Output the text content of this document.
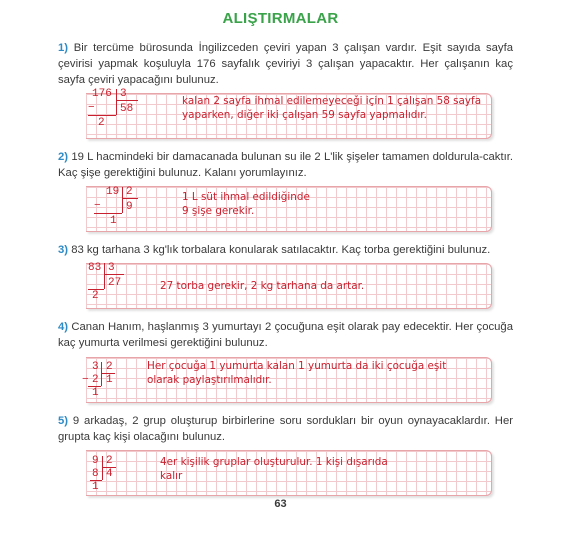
ALIŞTIRMALAR
1) Bir tercüme bürosunda İngilizceden çeviri yapan 3 çalışan vardır. Eşit sayıda sayfa çevirisi yapmak koşuluyla 176 sayfalık çeviriyi 3 çalışan yapacaktır. Her çalışanın kaç sayfa çeviri yapacağını bulunuz.
176 3
58
−
2
kalan 2 sayfa ihmal edilemeyeceği için 1 çalışan 58 sayfa
yaparken, diğer iki çalışan 59 sayfa yapmalıdır.
2) 19 L hacmindeki bir damacanada bulunan su ile 2 L'lik şişeler tamamen doldurula-caktır. Kaç şişe gerektiğini bulunuz. Kalanı yorumlayınız.
19 2
9
−
1
1 L süt ihmal edildiğinde
9 şişe gerekir.
3) 83 kg tarhana 3 kg'lık torbalara konularak satılacaktır. Kaç torba gerektiğini bulunuz.
83 3
27
2
27 torba gerekir, 2 kg tarhana da artar.
4) Canan Hanım, haşlanmış 3 yumurtayı 2 çocuğuna eşit olarak pay edecektir. Her çocuğa kaç yumurta verilmesi gerektiğini bulunuz.
3 2
− 2 1
1
Her çocuğa 1 yumurta kalan 1 yumurta da iki çocuğa eşit
olarak paylaştırılmalıdır.
5) 9 arkadaş, 2 grup oluşturup birbirlerine soru sordukları bir oyun oynayacaklardır. Her grupta kaç kişi olacağını bulunuz.
9 2
8 4
1
4er kişilik gruplar oluşturulur. 1 kişi dışarıda
kalır
63
